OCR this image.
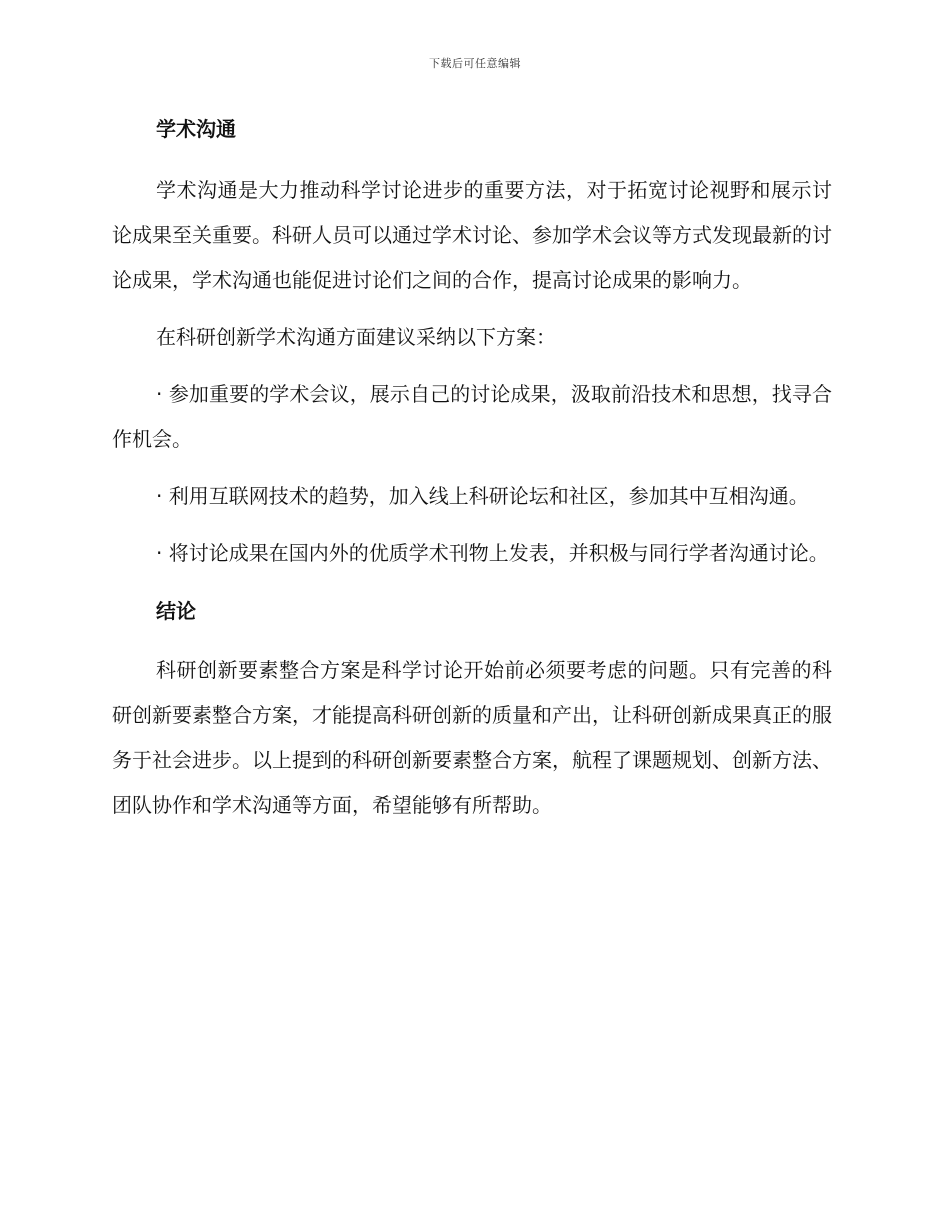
下载后可任意编辑
学术沟通

学术沟通是大力推动科学讨论进步的重要方法，对于拓宽讨论视野和展示讨论成果至关重要。科研人员可以通过学术讨论、参加学术会议等方式发现最新的讨论成果，学术沟通也能促进讨论们之间的合作，提高讨论成果的影响力。

在科研创新学术沟通方面建议采纳以下方案：

· 参加重要的学术会议，展示自己的讨论成果，汲取前沿技术和思想，找寻合作机会。

· 利用互联网技术的趋势，加入线上科研论坛和社区，参加其中互相沟通。

· 将讨论成果在国内外的优质学术刊物上发表，并积极与同行学者沟通讨论。

结论

科研创新要素整合方案是科学讨论开始前必须要考虑的问题。只有完善的科研创新要素整合方案，才能提高科研创新的质量和产出，让科研创新成果真正的服务于社会进步。以上提到的科研创新要素整合方案，航程了课题规划、创新方法、团队协作和学术沟通等方面，希望能够有所帮助。
